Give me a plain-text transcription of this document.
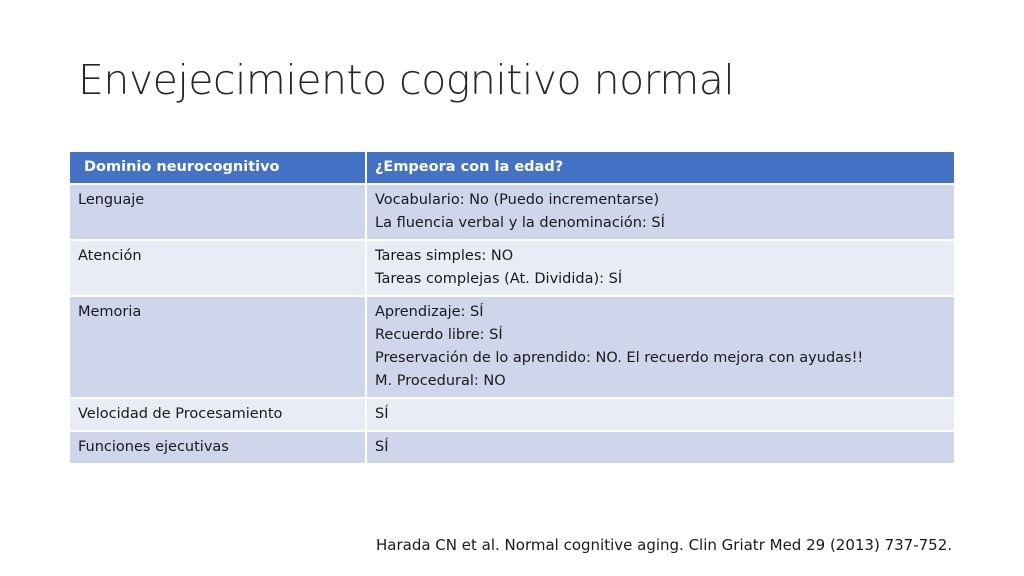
Envejecimiento cognitivo normal
Dominio neurocognitivo	¿Empeora con la edad?
Lenguaje	Vocabulario: No (Puedo incrementarse)
La fluencia verbal y la denominación: SÍ

Atención	Tareas simples: NO
Tareas complejas (At. Dividida): SÍ

Memoria	Aprendizaje: SÍ
Recuerdo libre: SÍ
Preservación de lo aprendido: NO. El recuerdo mejora con ayudas!!
M. Procedural: NO

Velocidad de Procesamiento	SÍ

Funciones ejecutivas	SÍ

Harada CN et al. Normal cognitive aging. Clin Griatr Med 29 (2013) 737-752.
